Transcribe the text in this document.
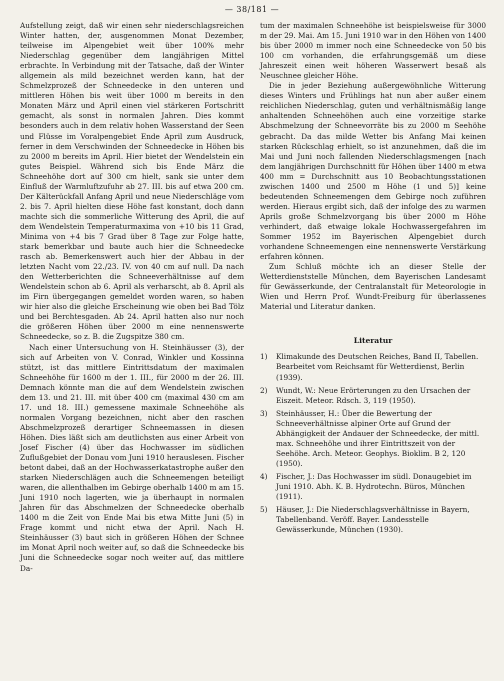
— 38/181 —

Aufstellung zeigt, daß wir einen sehr niederschlagsreichen Winter hatten, der, ausgenommen Monat Dezember, teilweise im Alpengebiet weit über 100% mehr Niederschlag gegenüber dem langjährigen Mittel erbrachte. In Verbindung mit der Tatsache, daß der Winter allgemein als mild bezeichnet werden kann, hat der Schmelzprozeß der Schneedecke in den unteren und mittleren Höhen bis weit über 1000 m bereits in den Monaten März und April einen viel stärkeren Fortschritt gemacht, als sonst in normalen Jahren. Dies kommt besonders auch in dem relativ hohen Wasserstand der Seen und Flüsse im Voralpengebiet Ende April zum Ausdruck, ferner in dem Verschwinden der Schneedecke in Höhen bis zu 2000 m bereits im April. Hier bietet der Wendelstein ein gutes Beispiel. Während sich bis Ende März die Schneehöhe dort auf 300 cm hielt, sank sie unter dem Einfluß der Warmluftzufuhr ab 27. III. bis auf etwa 200 cm. Der Kälterückfall Anfang April und neue Niederschläge vom 2. bis 7. April hielten diese Höhe fast konstant, doch dann machte sich die sommerliche Witterung des April, die auf dem Wendelstein Temperaturmaxima von +10 bis 11 Grad, Minima von +4 bis 7 Grad über 8 Tage zur Folge hatte, stark bemerkbar und baute auch hier die Schneedecke rasch ab. Bemerkenswert auch hier der Abbau in der letzten Nacht vom 22./23. IV. von 40 cm auf null. Da nach den Wetterberichten die Schneeverhältnisse auf dem Wendelstein schon ab 6. April als verharscht, ab 8. April als im Firn übergegangen gemeldet worden waren, so haben wir hier also die gleiche Erscheinung wie oben bei Bad Tölz und bei Berchtesgaden. Ab 24. April hatten also nur noch die größeren Höhen über 2000 m eine nennenswerte Schneedecke, so z. B. die Zugspitze 380 cm.

Nach einer Untersuchung von H. Steinhäusser (3), der sich auf Arbeiten von V. Conrad, Winkler und Kossinna stützt, ist das mittlere Eintrittsdatum der maximalen Schneehöhe für 1600 m der 1. III., für 2000 m der 26. III. Demnach könnte man die auf dem Wendelstein zwischen dem 13. und 21. III. mit über 400 cm (maximal 430 cm am 17. und 18. III.) gemessene maximale Schneehöhe als normalen Vorgang bezeichnen, nicht aber den raschen Abschmelzprozeß derartiger Schneemassen in diesen Höhen. Dies läßt sich am deutlichsten aus einer Arbeit von Josef Fischer (4) über das Hochwasser im südlichen Zuflußgebiet der Donau vom Juni 1910 herauslesen. Fischer betont dabei, daß an der Hochwasserkatastrophe außer den starken Niederschlägen auch die Schneemengen beteiligt waren, die allenthalben im Gebirge oberhalb 1400 m am 15. Juni 1910 noch lagerten, wie ja überhaupt in normalen Jahren für das Abschmelzen der Schneedecke oberhalb 1400 m die Zeit von Ende Mai bis etwa Mitte Juni (5) in Frage kommt und nicht etwa der April. Nach H. Steinhäusser (3) baut sich in größeren Höhen der Schnee im Monat April noch weiter auf, so daß die Schneedecke bis Juni die Schneedecke sogar noch weiter auf, das mittlere Da-

tum der maximalen Schneehöhe ist beispielsweise für 3000 m der 29. Mai. Am 15. Juni 1910 war in den Höhen von 1400 bis über 2000 m immer noch eine Schneedecke von 50 bis 100 cm vorhanden, die erfahrungsgemäß um diese Jahreszeit einen weit höheren Wasserwert besaß als Neuschnee gleicher Höhe.

Die in jeder Beziehung außergewöhnliche Witterung dieses Winters und Frühlings hat nun aber außer einem reichlichen Niederschlag, guten und verhältnismäßig lange anhaltenden Schneehöhen auch eine vorzeitige starke Abschmelzung der Schneevorräte bis zu 2000 m Seehöhe gebracht. Da das milde Wetter bis Anfang Mai keinen starken Rückschlag erhielt, so ist anzunehmen, daß die im Mai und Juni noch fallenden Niederschlagsmengen [nach dem langjährigen Durchschnitt für Höhen über 1400 m etwa 400 mm = Durchschnitt aus 10 Beobachtungsstationen zwischen 1400 und 2500 m Höhe (1 und 5)] keine bedeutenden Schneemengen dem Gebirge noch zuführen werden. Hieraus ergibt sich, daß der infolge des zu warmen Aprils große Schmelzvorgang bis über 2000 m Höhe verhindert, daß etwaige lokale Hochwassergefahren im Sommer 1952 im Bayerischen Alpengebiet durch vorhandene Schneemengen eine nennenswerte Verstärkung erfahren können.

Zum Schluß möchte ich an dieser Stelle der Wetterdienststelle München, dem Bayerischen Landesamt für Gewässerkunde, der Centralanstalt für Meteorologie in Wien und Herrn Prof. Wundt-Freiburg für überlassenes Material und Literatur danken.

Literatur
1) Klimakunde des Deutschen Reiches, Band II, Tabellen. Bearbeitet vom Reichsamt für Wetterdienst, Berlin (1939).
2) Wundt, W.: Neue Erörterungen zu den Ursachen der Eiszeit. Meteor. Rdsch. 3, 119 (1950).
3) Steinhäusser, H.: Über die Bewertung der Schneeverhältnisse alpiner Orte auf Grund der Abhängigkeit der Andauer der Schneedecke, der mittl. max. Schneehöhe und ihrer Eintrittszeit von der Seehöhe. Arch. Meteor. Geophys. Bioklim. B 2, 120 (1950).
4) Fischer, J.: Das Hochwasser im südl. Donaugebiet im Juni 1910. Abh. K. B. Hydrotechn. Büros, München (1911).
5) Häuser, J.: Die Niederschlagsverhältnisse in Bayern, Tabellenband. Veröff. Bayer. Landesstelle Gewässerkunde, München (1930).
